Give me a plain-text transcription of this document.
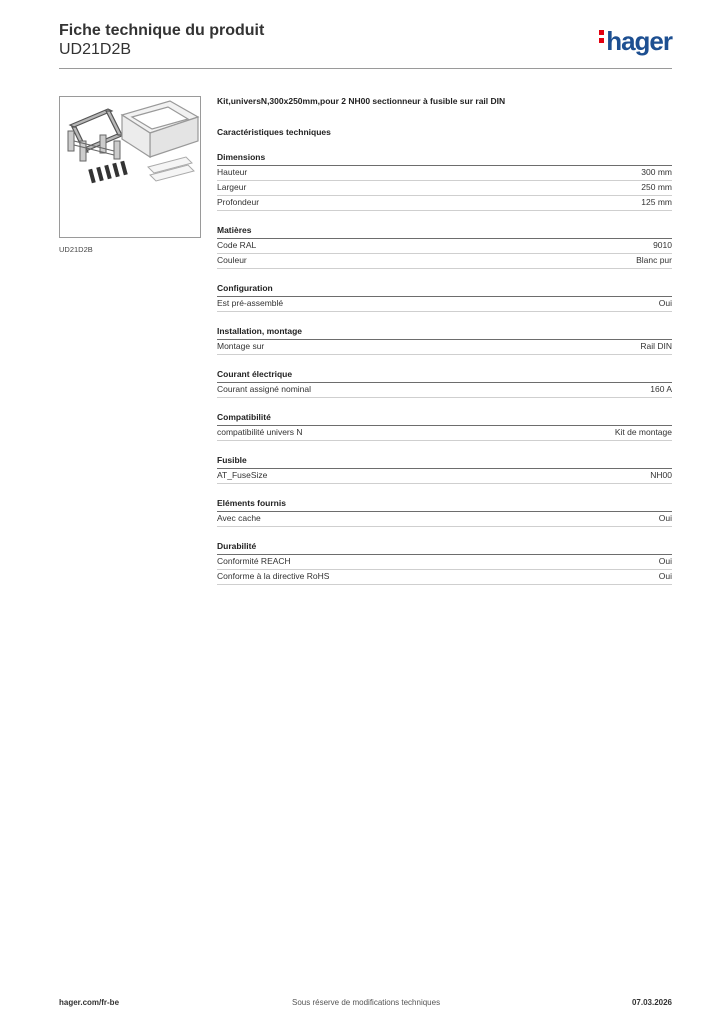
Fiche technique du produit
UD21D2B	hager
UD21D2B
Kit,universN,300x250mm,pour 2 NH00 sectionneur à fusible sur rail DIN
Caractéristiques techniques
Dimensions
Hauteur	300 mm
Largeur	250 mm
Profondeur	125 mm
Matières
Code RAL	9010
Couleur	Blanc pur
Configuration
Est pré-assemblé	Oui
Installation, montage
Montage sur	Rail DIN
Courant électrique
Courant assigné nominal	160 A
Compatibilité
compatibilité univers N	Kit de montage
Fusible
AT_FuseSize	NH00
Eléments fournis
Avec cache	Oui
Durabilité
Conformité REACH	Oui
Conforme à la directive RoHS	Oui
hager.com/fr-be	Sous réserve de modifications techniques	07.03.2026
